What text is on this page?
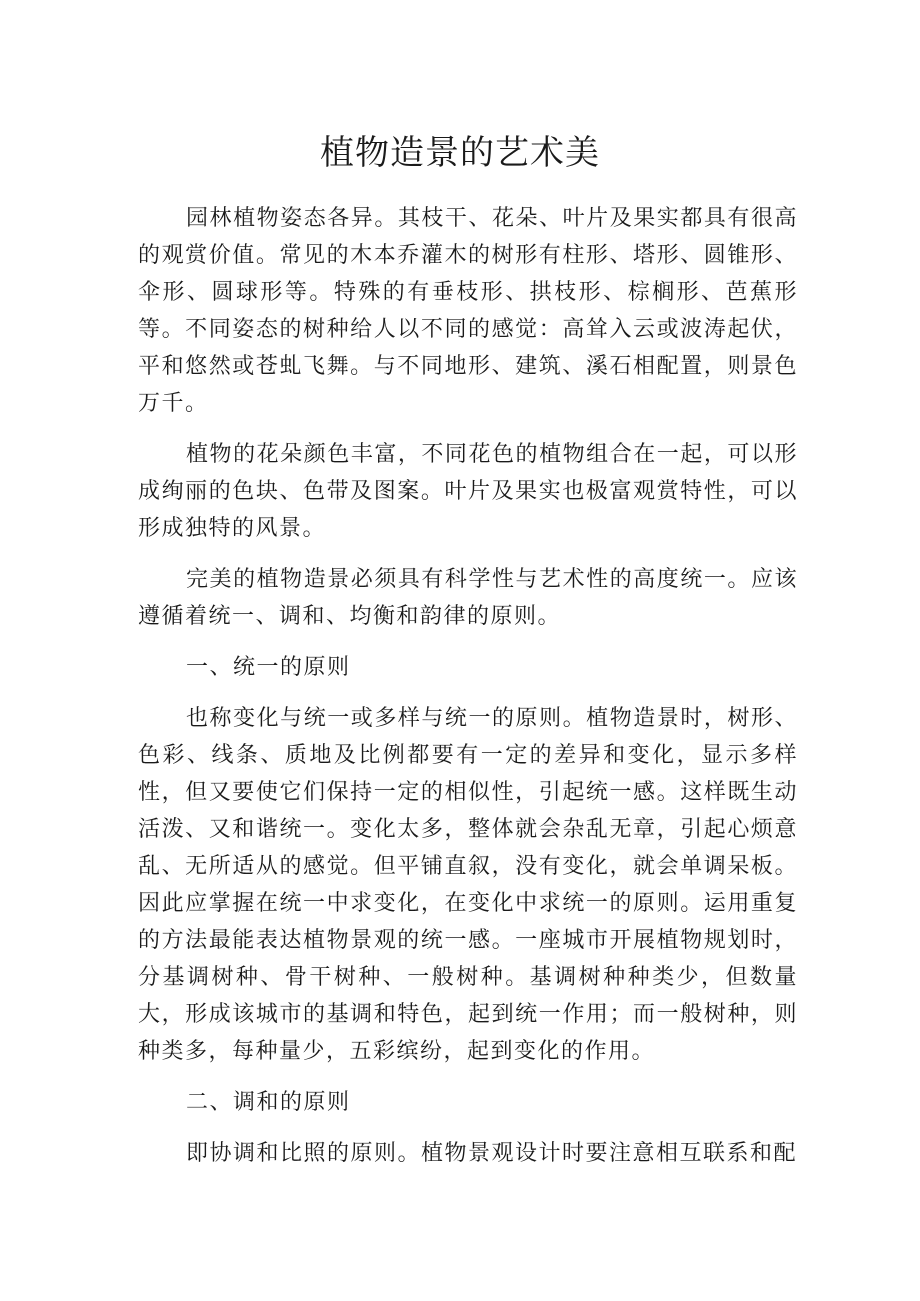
植物造景的艺术美

园林植物姿态各异。其枝干、花朵、叶片及果实都具有很高的观赏价值。常见的木本乔灌木的树形有柱形、塔形、圆锥形、伞形、圆球形等。特殊的有垂枝形、拱枝形、棕榈形、芭蕉形等。不同姿态的树种给人以不同的感觉：高耸入云或波涛起伏，平和悠然或苍虬飞舞。与不同地形、建筑、溪石相配置，则景色万千。

植物的花朵颜色丰富，不同花色的植物组合在一起，可以形成绚丽的色块、色带及图案。叶片及果实也极富观赏特性，可以形成独特的风景。

完美的植物造景必须具有科学性与艺术性的高度统一。应该遵循着统一、调和、均衡和韵律的原则。

一、统一的原则

也称变化与统一或多样与统一的原则。植物造景时，树形、色彩、线条、质地及比例都要有一定的差异和变化，显示多样性，但又要使它们保持一定的相似性，引起统一感。这样既生动活泼、又和谐统一。变化太多，整体就会杂乱无章，引起心烦意乱、无所适从的感觉。但平铺直叙，没有变化，就会单调呆板。因此应掌握在统一中求变化，在变化中求统一的原则。运用重复的方法最能表达植物景观的统一感。一座城市开展植物规划时，分基调树种、骨干树种、一般树种。基调树种种类少，但数量大，形成该城市的基调和特色，起到统一作用；而一般树种，则种类多，每种量少，五彩缤纷，起到变化的作用。

二、调和的原则

即协调和比照的原则。植物景观设计时要注意相互联系和配
